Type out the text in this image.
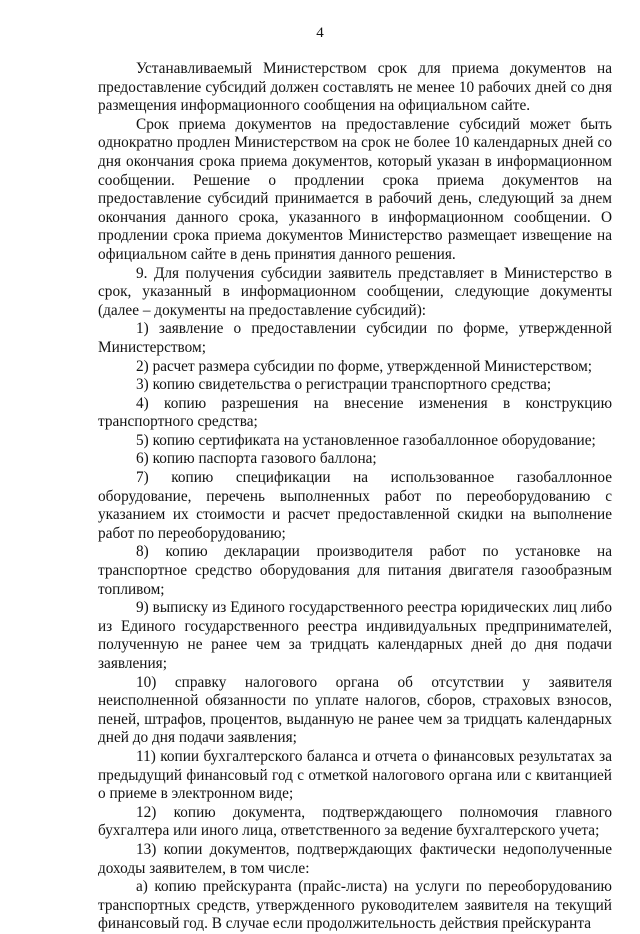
4

Устанавливаемый Министерством срок для приема документов на предоставление субсидий должен составлять не менее 10 рабочих дней со дня размещения информационного сообщения на официальном сайте.

Срок приема документов на предоставление субсидий может быть однократно продлен Министерством на срок не более 10 календарных дней со дня окончания срока приема документов, который указан в информационном сообщении. Решение о продлении срока приема документов на предоставление субсидий принимается в рабочий день, следующий за днем окончания данного срока, указанного в информационном сообщении. О продлении срока приема документов Министерство размещает извещение на официальном сайте в день принятия данного решения.

9. Для получения субсидии заявитель представляет в Министерство в срок, указанный в информационном сообщении, следующие документы (далее – документы на предоставление субсидий):

1) заявление о предоставлении субсидии по форме, утвержденной Министерством;

2) расчет размера субсидии по форме, утвержденной Министерством;

3) копию свидетельства о регистрации транспортного средства;

4) копию разрешения на внесение изменения в конструкцию транспортного средства;

5) копию сертификата на установленное газобаллонное оборудование;

6) копию паспорта газового баллона;

7) копию спецификации на использованное газобаллонное оборудование, перечень выполненных работ по переоборудованию с указанием их стоимости и расчет предоставленной скидки на выполнение работ по переоборудованию;

8) копию декларации производителя работ по установке на транспортное средство оборудования для питания двигателя газообразным топливом;

9) выписку из Единого государственного реестра юридических лиц либо из Единого государственного реестра индивидуальных предпринимателей, полученную не ранее чем за тридцать календарных дней до дня подачи заявления;

10) справку налогового органа об отсутствии у заявителя неисполненной обязанности по уплате налогов, сборов, страховых взносов, пеней, штрафов, процентов, выданную не ранее чем за тридцать календарных дней до дня подачи заявления;

11) копии бухгалтерского баланса и отчета о финансовых результатах за предыдущий финансовый год с отметкой налогового органа или с квитанцией о приеме в электронном виде;

12) копию документа, подтверждающего полномочия главного бухгалтера или иного лица, ответственного за ведение бухгалтерского учета;

13) копии документов, подтверждающих фактически недополученные доходы заявителем, в том числе:

а) копию прейскуранта (прайс-листа) на услуги по переоборудованию транспортных средств, утвержденного руководителем заявителя на текущий финансовый год. В случае если продолжительность действия прейскуранта
